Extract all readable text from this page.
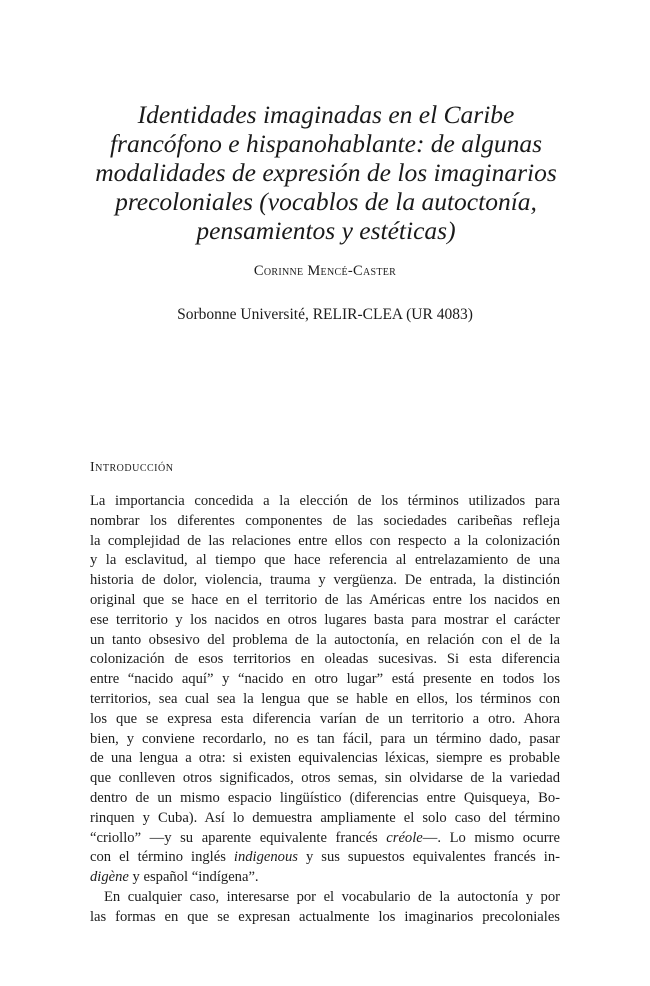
Identidades imaginadas en el Caribe
francófono e hispanohablante: de algunas
modalidades de expresión de los imaginarios
precoloniales (vocablos de la autoctonía,
pensamientos y estéticas)
Corinne Mencé-Caster
Sorbonne Université, RELIR-CLEA (UR 4083)
Introducción
La importancia concedida a la elección de los términos utilizados para
nombrar los diferentes componentes de las sociedades caribeñas refleja
la complejidad de las relaciones entre ellos con respecto a la colonización
y la esclavitud, al tiempo que hace referencia al entrelazamiento de una
historia de dolor, violencia, trauma y vergüenza. De entrada, la distinción
original que se hace en el territorio de las Américas entre los nacidos en
ese territorio y los nacidos en otros lugares basta para mostrar el carácter
un tanto obsesivo del problema de la autoctonía, en relación con el de la
colonización de esos territorios en oleadas sucesivas. Si esta diferencia
entre “nacido aquí” y “nacido en otro lugar” está presente en todos los
territorios, sea cual sea la lengua que se hable en ellos, los términos con
los que se expresa esta diferencia varían de un territorio a otro. Ahora
bien, y conviene recordarlo, no es tan fácil, para un término dado, pasar
de una lengua a otra: si existen equivalencias léxicas, siempre es probable
que conlleven otros significados, otros semas, sin olvidarse de la variedad
dentro de un mismo espacio lingüístico (diferencias entre Quisqueya, Bo-
rinquen y Cuba). Así lo demuestra ampliamente el solo caso del término
“criollo” —y su aparente equivalente francés créole—. Lo mismo ocurre
con el término inglés indigenous y sus supuestos equivalentes francés in-
digène y español “indígena”.
En cualquier caso, interesarse por el vocabulario de la autoctonía y por
las formas en que se expresan actualmente los imaginarios precoloniales
